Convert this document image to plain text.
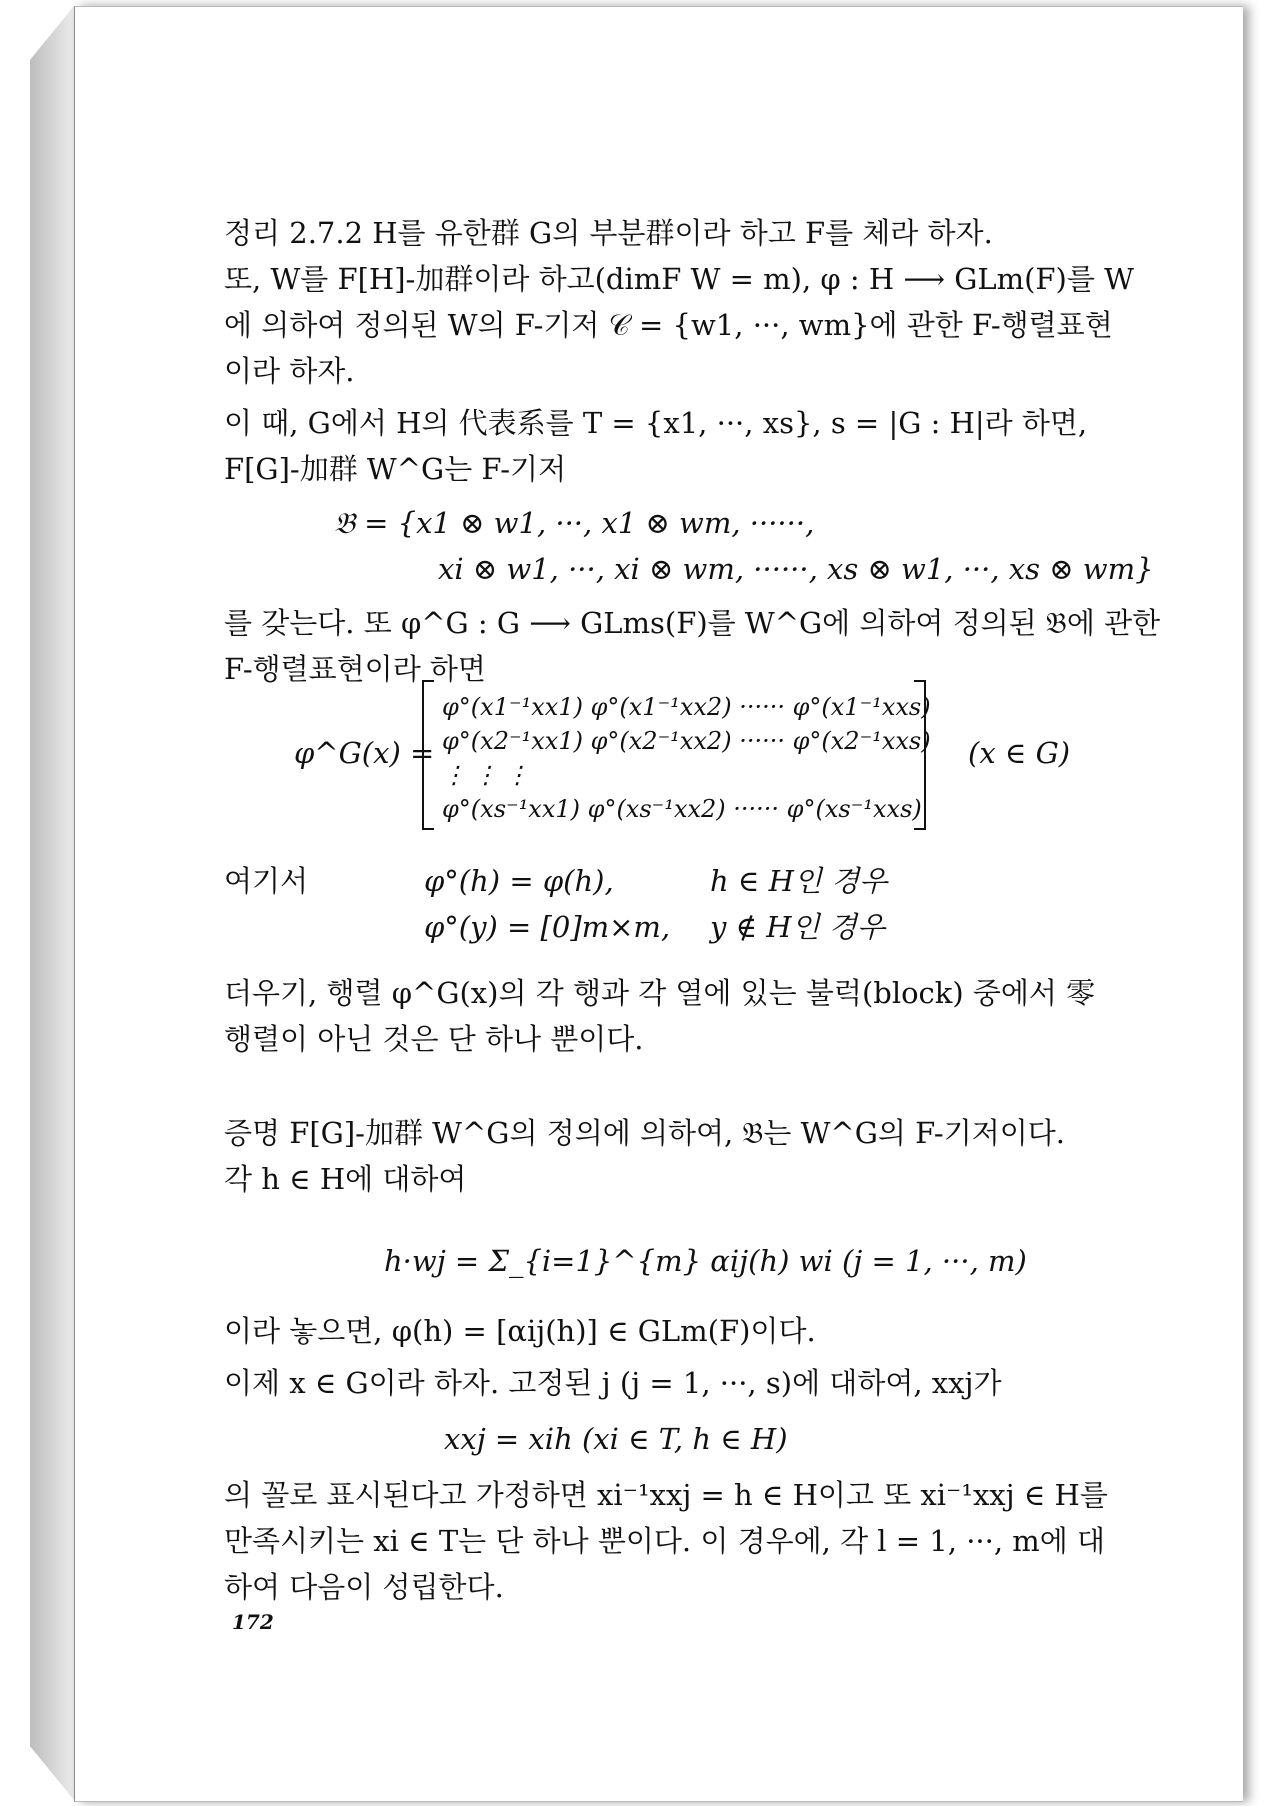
정리 2.7.2 H를 유한群 G의 부분群이라 하고 F를 체라 하자.
또, W를 F[H]-加群이라 하고(dimF W = m), φ : H ⟶ GLm(F)를 W
에 의하여 정의된 W의 F-기저 𝒞 = {w1, ···, wm}에 관한 F-행렬표현
이라 하자.
이 때, G에서 H의 代表系를 T = {x1, ···, xs}, s = |G : H|라 하면,
F[G]-加群 W^G는 F-기저
𝔅 = {x1 ⊗ w1, ···, x1 ⊗ wm, ······,
xi ⊗ w1, ···, xi ⊗ wm, ······, xs ⊗ w1, ···, xs ⊗ wm}
를 갖는다. 또 φ^G : G ⟶ GLms(F)를 W^G에 의하여 정의된 𝔅에 관한
F-행렬표현이라 하면
φ^G(x) =
φ°(x1⁻¹xx1) φ°(x1⁻¹xx2) ······ φ°(x1⁻¹xxs)
φ°(x2⁻¹xx1) φ°(x2⁻¹xx2) ······ φ°(x2⁻¹xxs)
⋮ ⋮ ⋮
φ°(xs⁻¹xx1) φ°(xs⁻¹xx2) ······ φ°(xs⁻¹xxs)
(x ∈ G)
여기서	φ°(h) = φ(h),	h ∈ H인 경우
φ°(y) = [0]m×m, y ∉ H인 경우
더우기, 행렬 φ^G(x)의 각 행과 각 열에 있는 불럭(block) 중에서 零
행렬이 아닌 것은 단 하나 뿐이다.
증명 F[G]-加群 W^G의 정의에 의하여, 𝔅는 W^G의 F-기저이다.
각 h ∈ H에 대하여
h·wj = Σ_{i=1}^{m} αij(h) wi (j = 1, ···, m)
이라 놓으면, φ(h) = [αij(h)] ∈ GLm(F)이다.
이제 x ∈ G이라 하자. 고정된 j (j = 1, ···, s)에 대하여, xxj가
xxj = xih (xi ∈ T, h ∈ H)
의 꼴로 표시된다고 가정하면 xi⁻¹xxj = h ∈ H이고 또 xi⁻¹xxj ∈ H를
만족시키는 xi ∈ T는 단 하나 뿐이다. 이 경우에, 각 l = 1, ···, m에 대
하여 다음이 성립한다.
172
